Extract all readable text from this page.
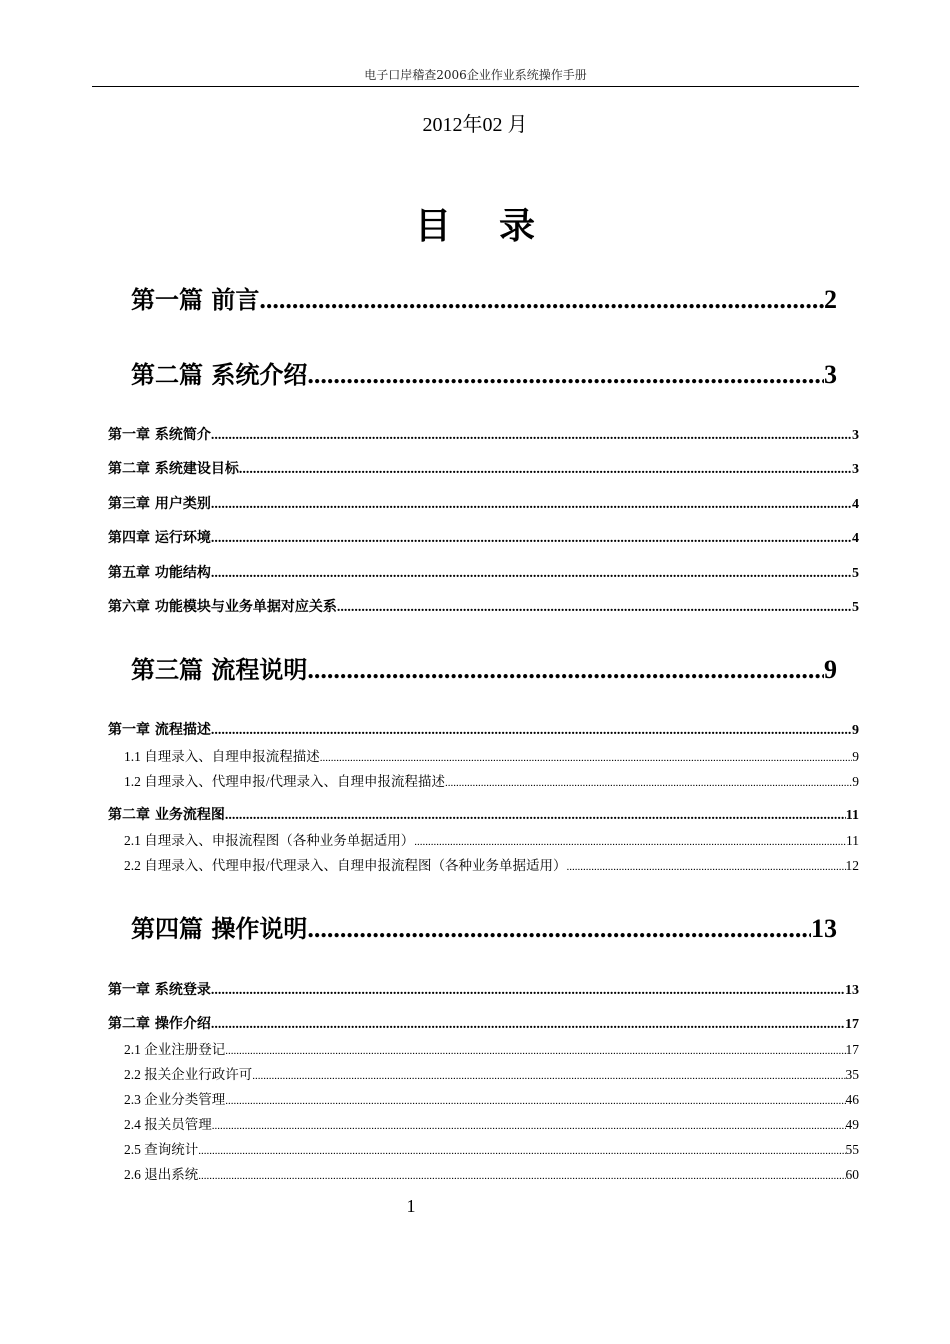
电子口岸稽查2006企业作业系统操作手册
2012年02 月
目录
第一篇 前言 .....	2
第二篇 系统介绍 .....	3
第一章 系统简介 .....	3
第二章 系统建设目标 .....	3
第三章 用户类别 .....	4
第四章 运行环境 .....	4
第五章 功能结构 .....	5
第六章 功能模块与业务单据对应关系 .....	5
第三篇 流程说明 .....	9
第一章 流程描述 .....	9
1.1 自理录入、自理申报流程描述 .....	9
1.2 自理录入、代理申报/代理录入、自理申报流程描述 .....	9
第二章 业务流程图 .....	11
2.1 自理录入、申报流程图（各种业务单据适用） .....	11
2.2 自理录入、代理申报/代理录入、自理申报流程图（各种业务单据适用） .....	12
第四篇 操作说明 .....	13
第一章 系统登录 .....	13
第二章 操作介绍 .....	17
2.1 企业注册登记 .....	17
2.2 报关企业行政许可 .....	35
2.3 企业分类管理 .....	46
2.4 报关员管理 .....	49
2.5 查询统计 .....	55
2.6 退出系统 .....	60
1
